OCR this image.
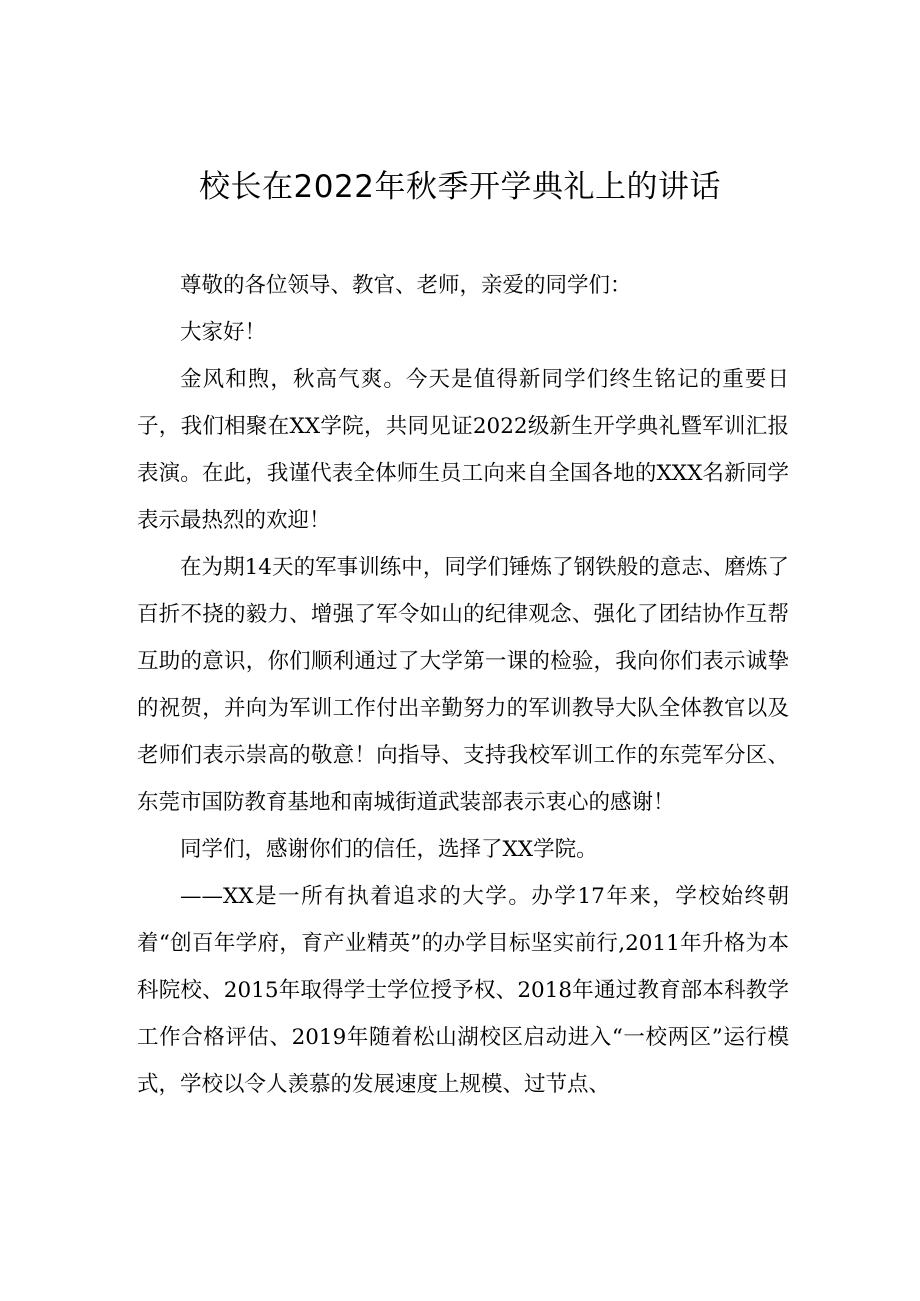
校长在2022年秋季开学典礼上的讲话

尊敬的各位领导、教官、老师，亲爱的同学们：

大家好！

金风和煦，秋高气爽。今天是值得新同学们终生铭记的重要日子，我们相聚在XX学院，共同见证2022级新生开学典礼暨军训汇报表演。在此，我谨代表全体师生员工向来自全国各地的XXX名新同学表示最热烈的欢迎！

在为期14天的军事训练中，同学们锤炼了钢铁般的意志、磨炼了百折不挠的毅力、增强了军令如山的纪律观念、强化了团结协作互帮互助的意识，你们顺利通过了大学第一课的检验，我向你们表示诚挚的祝贺，并向为军训工作付出辛勤努力的军训教导大队全体教官以及老师们表示崇高的敬意！向指导、支持我校军训工作的东莞军分区、东莞市国防教育基地和南城街道武装部表示衷心的感谢！

同学们，感谢你们的信任，选择了XX学院。

——XX是一所有执着追求的大学。办学17年来，学校始终朝着“创百年学府，育产业精英”的办学目标坚实前行,2011年升格为本科院校、2015年取得学士学位授予权、2018年通过教育部本科教学工作合格评估、2019年随着松山湖校区启动进入“一校两区”运行模式，学校以令人羡慕的发展速度上规模、过节点、
